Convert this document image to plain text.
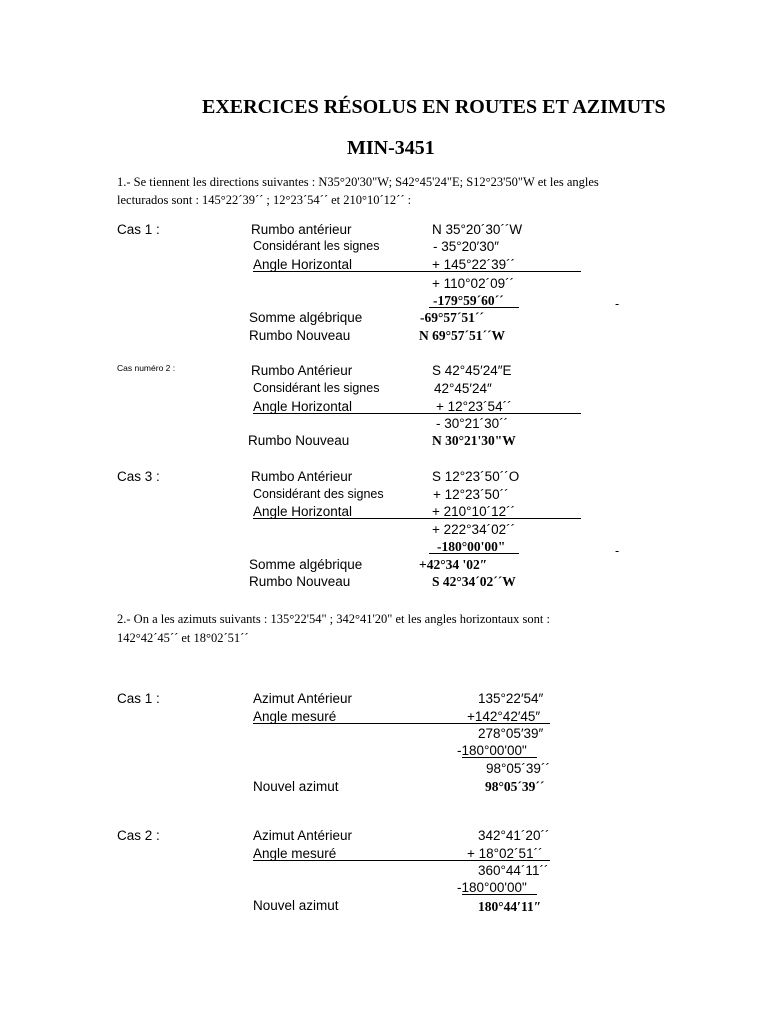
EXERCICES RÉSOLUS EN ROUTES ET AZIMUTS
MIN-3451
1.- Se tiennent les directions suivantes : N35°20'30"W; S42°45'24"E; S12°23'50"W et les angles
lecturados sont : 145°22´39´´ ; 12°23´54´´ et 210°10´12´´ :
Cas 1 :	Rumbo antérieur	N 35°20´30´´W
Considérant les signes	- 35°20′30″
Angle Horizontal	+ 145°22´39´´
+ 110°02´09´´
-179°59´60´´	-
Somme algébrique	-69°57´51´´
Rumbo Nouveau	N 69°57´51´´W
Cas numéro 2 :	Rumbo Antérieur	S 42°45′24″E
Considérant les signes	42°45′24″
Angle Horizontal	+ 12°23´54´´
- 30°21´30´´
Rumbo Nouveau	N 30°21'30"W
Cas 3 :	Rumbo Antérieur	S 12°23´50´´O
Considérant des signes	+ 12°23´50´´
Angle Horizontal	+ 210°10´12´´
+ 222°34´02´´
-180°00'00"	-
Somme algébrique	+42°34 '02″
Rumbo Nouveau	S 42°34´02´´W
2.- On a les azimuts suivants : 135°22'54" ; 342°41'20" et les angles horizontaux sont :
142°42´45´´ et 18°02´51´´
Cas 1 :	Azimut Antérieur	135°22′54″
Angle mesuré	+142°42′45″
278°05′39″
-180°00'00"
98°05´39´´
Nouvel azimut	98°05´39´´
Cas 2 :	Azimut Antérieur	342°41´20´´
Angle mesuré	+ 18°02´51´´
360°44´11´´
-180°00'00"
Nouvel azimut	180°44′11″
